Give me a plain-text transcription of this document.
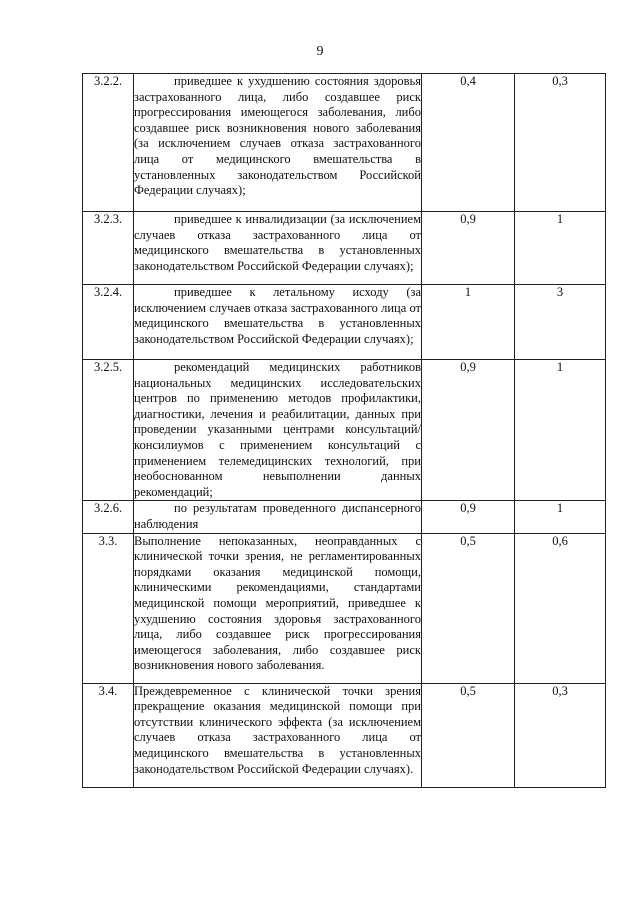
9
3.2.2.	приведшее к ухудшению состояния здоровья застрахованного лица, либо создавшее риск прогрессирования имеющегося заболевания, либо создавшее риск возникновения нового заболевания (за исключением случаев отказа застрахованного лица от медицинского вмешательства в установленных законодательством Российской Федерации случаях);	0,4	0,3
3.2.3.	приведшее к инвалидизации (за исключением случаев отказа застрахованного лица от медицинского вмешательства в установленных законодательством Российской Федерации случаях);	0,9	1
3.2.4.	приведшее к летальному исходу (за исключением случаев отказа застрахованного лица от медицинского вмешательства в установленных законодательством Российской Федерации случаях);	1	3
3.2.5.	рекомендаций медицинских работников национальных медицинских исследовательских центров по применению методов профилактики, диагностики, лечения и реабилитации, данных при проведении указанными центрами консультаций/консилиумов с применением консультаций с применением телемедицинских технологий, при необоснованном невыполнении данных рекомендаций;	0,9	1
3.2.6.	по результатам проведенного диспансерного наблюдения	0,9	1
3.3.	Выполнение непоказанных, неоправданных с клинической точки зрения, не регламентированных порядками оказания медицинской помощи, клиническими рекомендациями, стандартами медицинской помощи мероприятий, приведшее к ухудшению состояния здоровья застрахованного лица, либо создавшее риск прогрессирования имеющегося заболевания, либо создавшее риск возникновения нового заболевания.	0,5	0,6
3.4.	Преждевременное с клинической точки зрения прекращение оказания медицинской помощи при отсутствии клинического эффекта (за исключением случаев отказа застрахованного лица от медицинского вмешательства в установленных законодательством Российской Федерации случаях).	0,5	0,3
